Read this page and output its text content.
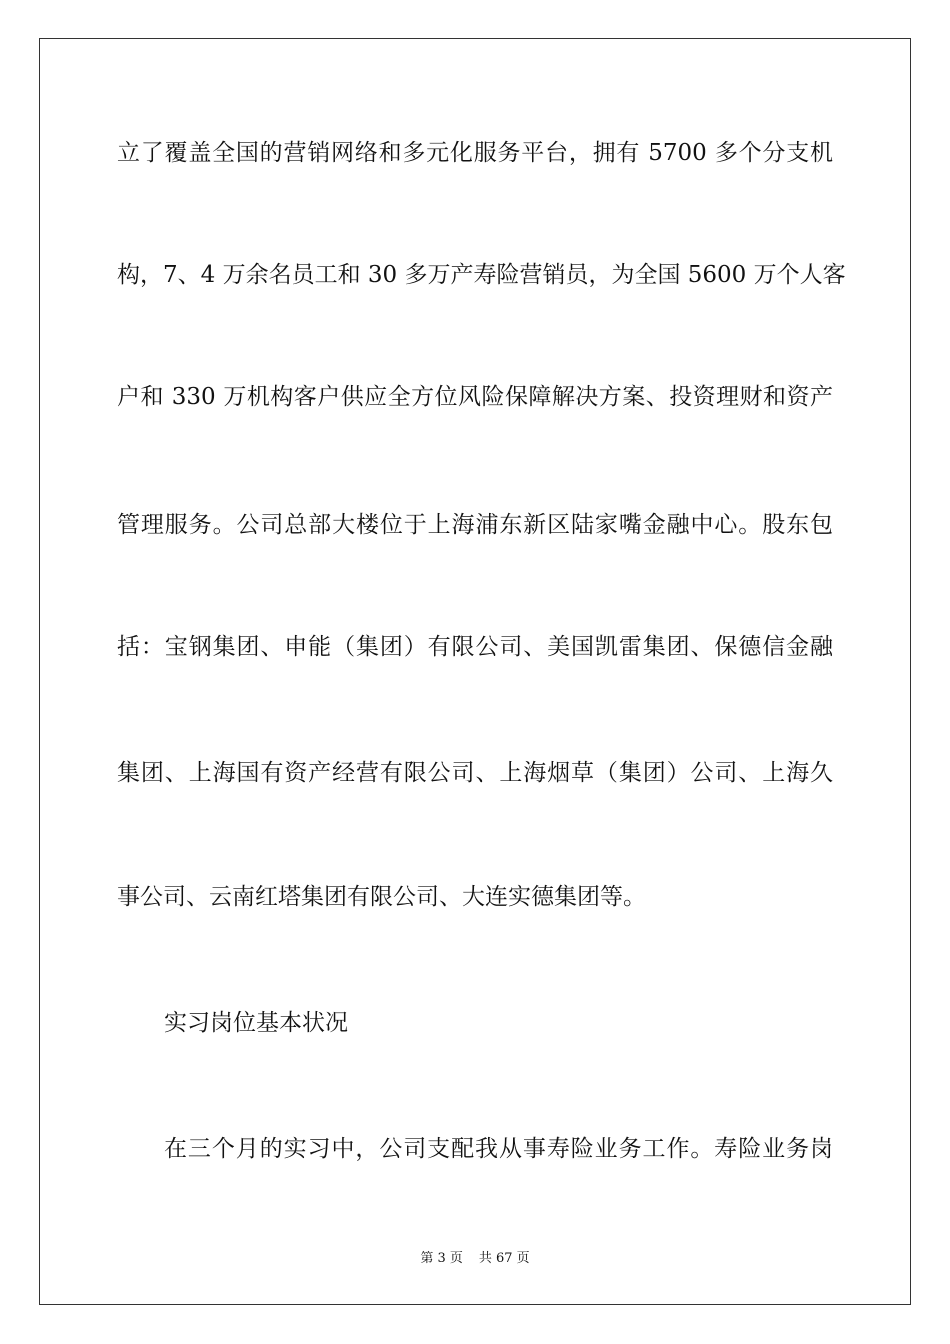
立了覆盖全国的营销网络和多元化服务平台，拥有 5700 多个分支机
构，7、4 万余名员工和 30 多万产寿险营销员，为全国 5600 万个人客
户和 330 万机构客户供应全方位风险保障解决方案、投资理财和资产
管理服务。公司总部大楼位于上海浦东新区陆家嘴金融中心。股东包
括：宝钢集团、申能（集团）有限公司、美国凯雷集团、保德信金融
集团、上海国有资产经营有限公司、上海烟草（集团）公司、上海久
事公司、云南红塔集团有限公司、大连实德集团等。
实习岗位基本状况
在三个月的实习中，公司支配我从事寿险业务工作。寿险业务岗
第 3 页 共 67 页
